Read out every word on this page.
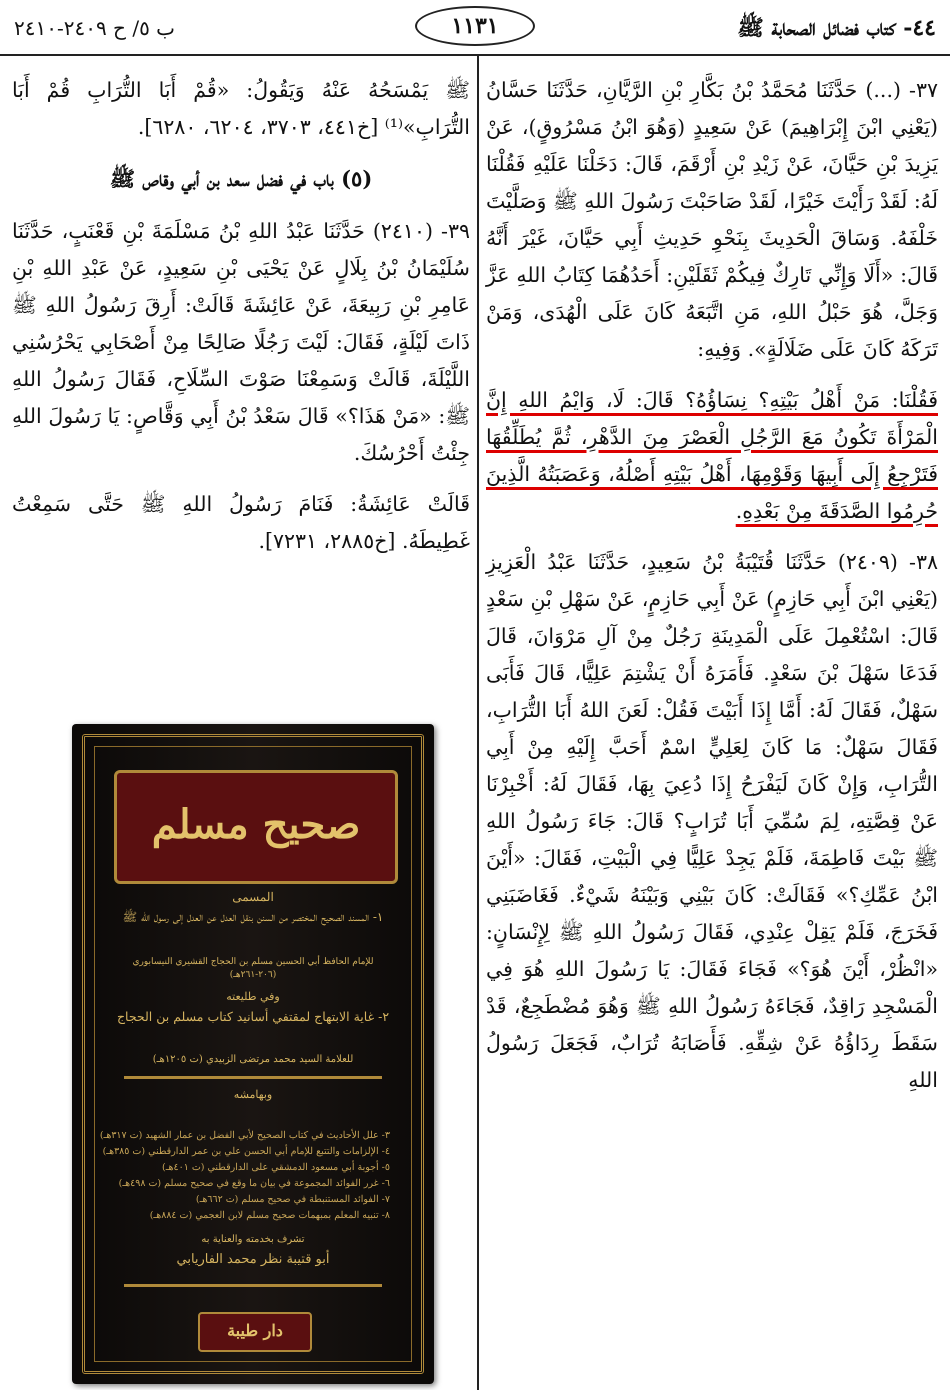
٤٤- كتاب فضائل الصحابة ﷺ
١١٣١
ب ٥/ ح ٢٤٠٩-٢٤١٠

٣٧- (...) حَدَّثَنَا مُحَمَّدُ بْنُ بَكَّارِ بْنِ الرَّيَّانِ، حَدَّثَنَا حَسَّانُ (يَعْنِي ابْنَ إِبْرَاهِيمَ) عَنْ سَعِيدٍ (وَهُوَ ابْنُ مَسْرُوقٍ)، عَنْ يَزِيدَ بْنِ حَيَّانَ، عَنْ زَيْدِ بْنِ أَرْقَمَ، قَالَ: دَخَلْنَا عَلَيْهِ فَقُلْنَا لَهُ: لَقَدْ رَأَيْتَ خَيْرًا، لَقَدْ صَاحَبْتَ رَسُولَ اللهِ ﷺ وَصَلَّيْتَ خَلْفَهُ. وَسَاقَ الْحَدِيثَ بِنَحْوِ حَدِيثِ أَبِي حَيَّانَ، غَيْرَ أَنَّهُ قَالَ: «أَلَا وَإِنِّي تَارِكٌ فِيكُمْ ثَقَلَيْنِ: أَحَدُهُمَا كِتَابُ اللهِ عَزَّ وَجَلَّ، هُوَ حَبْلُ اللهِ، مَنِ اتَّبَعَهُ كَانَ عَلَى الْهُدَى، وَمَنْ تَرَكَهُ كَانَ عَلَى ضَلَالَةٍ». وَفِيهِ:

فَقُلْنَا: مَنْ أَهْلُ بَيْتِهِ؟ نِسَاؤُهُ؟ قَالَ: لَا، وَايْمُ اللهِ إِنَّ الْمَرْأَةَ تَكُونُ مَعَ الرَّجُلِ الْعَصْرَ مِنَ الدَّهْرِ، ثُمَّ يُطَلِّقُهَا فَتَرْجِعُ إِلَى أَبِيهَا وَقَوْمِهَا، أَهْلُ بَيْتِهِ أَصْلُهُ، وَعَصَبَتُهُ الَّذِينَ حُرِمُوا الصَّدَقَةَ مِنْ بَعْدِهِ.

٣٨- (٢٤٠٩) حَدَّثَنَا قُتَيْبَةُ بْنُ سَعِيدٍ، حَدَّثَنَا عَبْدُ الْعَزِيزِ (يَعْنِي ابْنَ أَبِي حَازِمٍ) عَنْ أَبِي حَازِمٍ، عَنْ سَهْلِ بْنِ سَعْدٍ قَالَ: اسْتُعْمِلَ عَلَى الْمَدِينَةِ رَجُلٌ مِنْ آلِ مَرْوَانَ، قَالَ فَدَعَا سَهْلَ بْنَ سَعْدٍ. فَأَمَرَهُ أَنْ يَشْتِمَ عَلِيًّا، قَالَ فَأَبَى سَهْلٌ، فَقَالَ لَهُ: أَمَّا إِذَا أَبَيْتَ فَقُلْ: لَعَنَ اللهُ أَبَا التُّرَابِ، فَقَالَ سَهْلٌ: مَا كَانَ لِعَلِيٍّ اسْمٌ أَحَبَّ إِلَيْهِ مِنْ أَبِي التُّرَابِ، وَإِنْ كَانَ لَيَفْرَحُ إِذَا دُعِيَ بِهَا، فَقَالَ لَهُ: أَخْبِرْنَا عَنْ قِصَّتِهِ، لِمَ سُمِّيَ أَبَا تُرَابٍ؟ قَالَ: جَاءَ رَسُولُ اللهِ ﷺ بَيْتَ فَاطِمَةَ، فَلَمْ يَجِدْ عَلِيًّا فِي الْبَيْتِ، فَقَالَ: «أَيْنَ ابْنُ عَمِّكِ؟» فَقَالَتْ: كَانَ بَيْنِي وَبَيْنَهُ شَيْءٌ. فَغَاضَبَنِي فَخَرَجَ، فَلَمْ يَقِلْ عِنْدِي، فَقَالَ رَسُولُ اللهِ ﷺ لِإِنْسَانٍ: «انْظُرْ، أَيْنَ هُوَ؟» فَجَاءَ فَقَالَ: يَا رَسُولَ اللهِ هُوَ فِي الْمَسْجِدِ رَاقِدٌ، فَجَاءَهُ رَسُولُ اللهِ ﷺ وَهُوَ مُضْطَجِعٌ، قَدْ سَقَطَ رِدَاؤُهُ عَنْ شِقِّهِ. فَأَصَابَهُ تُرَابٌ، فَجَعَلَ رَسُولُ اللهِ

ﷺ يَمْسَحُهُ عَنْهُ وَيَقُولُ: «قُمْ أَبَا التُّرَابِ قُمْ أَبَا التُّرَابِ»⁽¹⁾ [خ٤٤١، ٣٧٠٣، ٦٢٠٤، ٦٢٨٠].

(٥) باب في فضل سعد بن أبي وقاص ﷺ

٣٩- (٢٤١٠) حَدَّثَنَا عَبْدُ اللهِ بْنُ مَسْلَمَةَ بْنِ قَعْنَبٍ، حَدَّثَنَا سُلَيْمَانُ بْنُ بِلَالٍ عَنْ يَحْيَى بْنِ سَعِيدٍ، عَنْ عَبْدِ اللهِ بْنِ عَامِرِ بْنِ رَبِيعَةَ، عَنْ عَائِشَةَ قَالَتْ: أَرِقَ رَسُولُ اللهِ ﷺ ذَاتَ لَيْلَةٍ، فَقَالَ: لَيْتَ رَجُلًا صَالِحًا مِنْ أَصْحَابِي يَحْرُسُنِي اللَّيْلَةَ، قَالَتْ وَسَمِعْنَا صَوْتَ السِّلَاحِ، فَقَالَ رَسُولُ اللهِ ﷺ: «مَنْ هَذَا؟» قَالَ سَعْدُ بْنُ أَبِي وَقَّاصٍ: يَا رَسُولَ اللهِ جِئْتُ أَحْرُسُكَ.

قَالَتْ عَائِشَةُ: فَنَامَ رَسُولُ اللهِ ﷺ حَتَّى سَمِعْتُ غَطِيطَهُ. [خ٢٨٨٥، ٧٢٣١].

صحيح مسلم
المسمى
١- المسند الصحيح المختصر من السنن بنقل العدل عن العدل إلى رسول الله ﷺ
للإمام الحافظ أبي الحسين مسلم بن الحجاج القشيري النيسابوري (٢٠٦-٢٦١هـ)
وفي طليعته
٢- غاية الابتهاج لمقتفي أسانيد كتاب مسلم بن الحجاج
للعلامة السيد محمد مرتضى الزبيدي (ت ١٢٠٥هـ)
وبهامشه
٣- علل الأحاديث في كتاب الصحيح لأبي الفضل بن عمار الشهيد (ت ٣١٧هـ)
٤- الإلزامات والتتبع للإمام أبي الحسن علي بن عمر الدارقطني (ت ٣٨٥هـ)
٥- أجوبة أبي مسعود الدمشقي على الدارقطني (ت ٤٠١هـ)
٦- غرر الفوائد المجموعة في بيان ما وقع في صحيح مسلم (ت ٤٩٨هـ)
٧- الفوائد المستنبطة في صحيح مسلم (ت ٦٦٢هـ)
٨- تنبيه المعلم بمبهمات صحيح مسلم لابن العجمي (ت ٨٨٤هـ)
تشرف بخدمته والعناية به
أبو قتيبة نظر محمد الفاريابي
دار طيبة
